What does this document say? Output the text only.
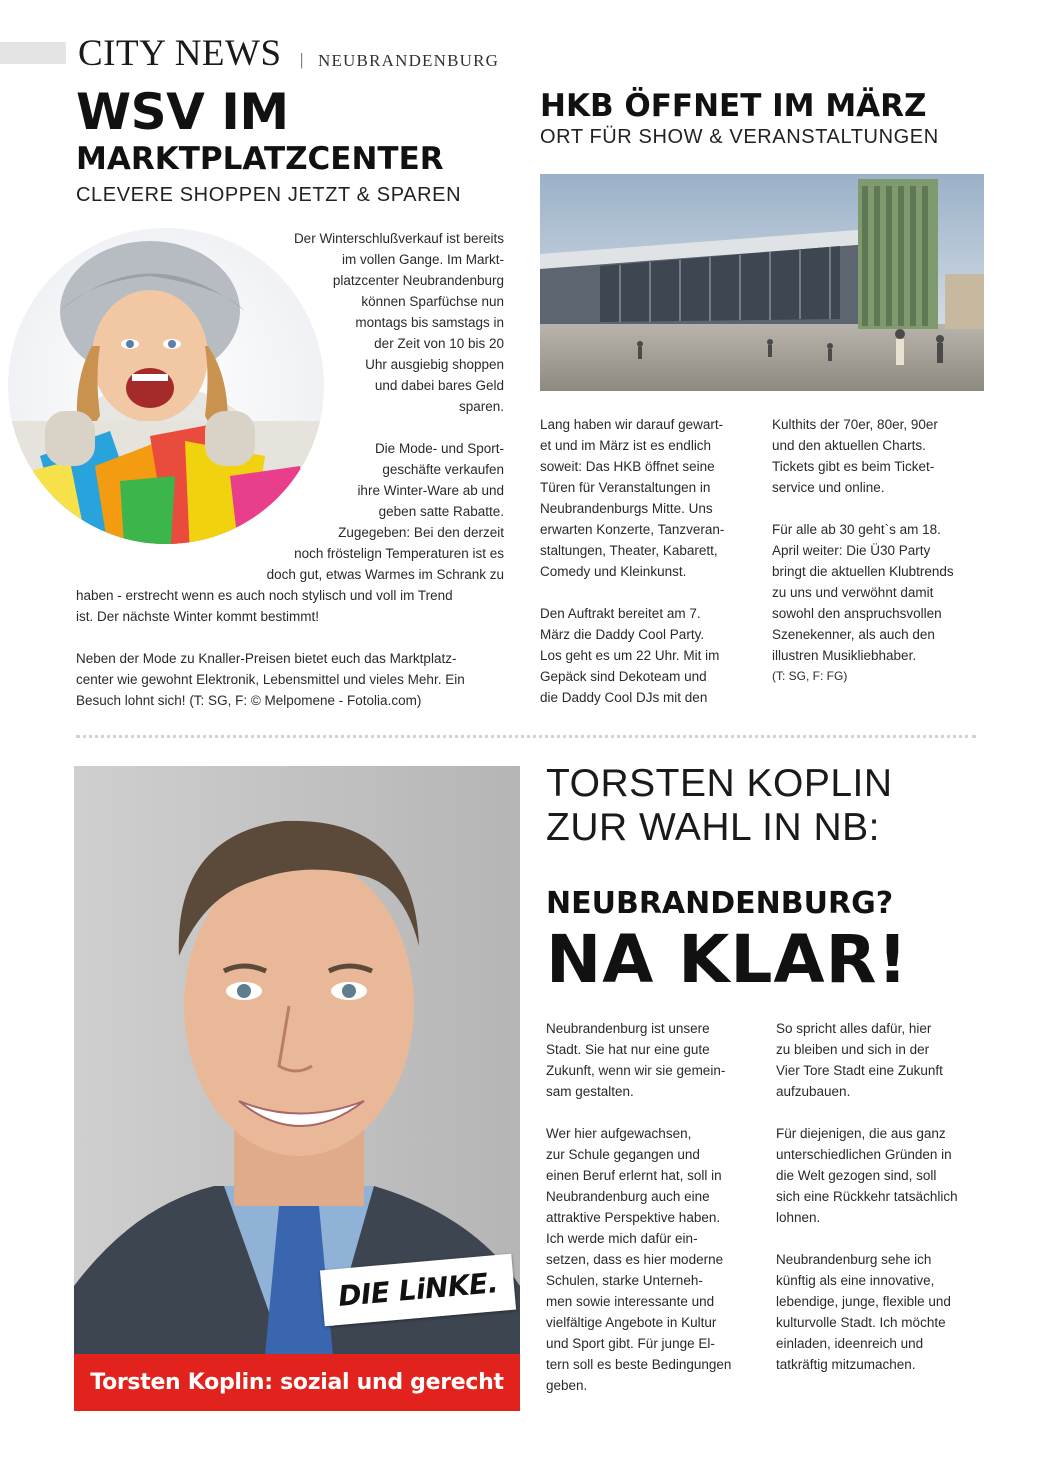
CITY NEWS | NEUBRANDENBURG
WSV IM
MARKTPLATZCENTER
CLEVERE SHOPPEN JETZT & SPAREN
Der Winterschlußverkauf ist bereits
im vollen Gange. Im Markt-
platzcenter Neubrandenburg
können Sparfüchse nun
montags bis samstags in
der Zeit von 10 bis 20
Uhr ausgiebig shoppen
und dabei bares Geld
sparen.
Die Mode- und Sport-
geschäfte verkaufen
ihre Winter-Ware ab und
geben satte Rabatte.
Zugegeben: Bei den derzeit
noch fröstelign Temperaturen ist es
doch gut, etwas Warmes im Schrank zu
haben - erstrecht wenn es auch noch stylisch und voll im Trend
ist. Der nächste Winter kommt bestimmt!
Neben der Mode zu Knaller-Preisen bietet euch das Marktplatz-
center wie gewohnt Elektronik, Lebensmittel und vieles Mehr. Ein
Besuch lohnt sich! (T: SG, F: © Melpomene - Fotolia.com)
HKB ÖFFNET IM MÄRZ
ORT FÜR SHOW & VERANSTALTUNGEN

Lang haben wir darauf gewart-

et und im März ist es endlich

soweit: Das HKB öffnet seine

Türen für Veranstaltungen in

Neubrandenburgs Mitte. Uns

erwarten Konzerte, Tanzveran-

staltungen, Theater, Kabarett,

Comedy und Kleinkunst.

Den Auftrakt bereitet am 7.

März die Daddy Cool Party.

Los geht es um 22 Uhr. Mit im

Gepäck sind Dekoteam und

die Daddy Cool DJs mit den

Kulthits der 70er, 80er, 90er

und den aktuellen Charts.

Tickets gibt es beim Ticket-

service und online.

Für alle ab 30 geht`s am 18.

April weiter: Die Ü30 Party

bringt die aktuellen Klubtrends

zu uns und verwöhnt damit

sowohl den anspruchsvollen

Szenekenner, als auch den

illustren Musikliebhaber.

(T: SG, F: FG)

DIE LiNKE.
Torsten Koplin: sozial und gerecht
TORSTEN KOPLIN
ZUR WAHL IN NB:
NEUBRANDENBURG?
NA KLAR!

Neubrandenburg ist unsere

Stadt. Sie hat nur eine gute

Zukunft, wenn wir sie gemein-

sam gestalten.

Wer hier aufgewachsen,

zur Schule gegangen und

einen Beruf erlernt hat, soll in

Neubrandenburg auch eine

attraktive Perspektive haben.

Ich werde mich dafür ein-

setzen, dass es hier moderne

Schulen, starke Unterneh-

men sowie interessante und

vielfältige Angebote in Kultur

und Sport gibt. Für junge El-

tern soll es beste Bedingungen

geben.

So spricht alles dafür, hier

zu bleiben und sich in der

Vier Tore Stadt eine Zukunft

aufzubauen.

Für diejenigen, die aus ganz

unterschiedlichen Gründen in

die Welt gezogen sind, soll

sich eine Rückkehr tatsächlich

lohnen.

Neubrandenburg sehe ich

künftig als eine innovative,

lebendige, junge, flexible und

kulturvolle Stadt. Ich möchte

einladen, ideenreich und

tatkräftig mitzumachen.
